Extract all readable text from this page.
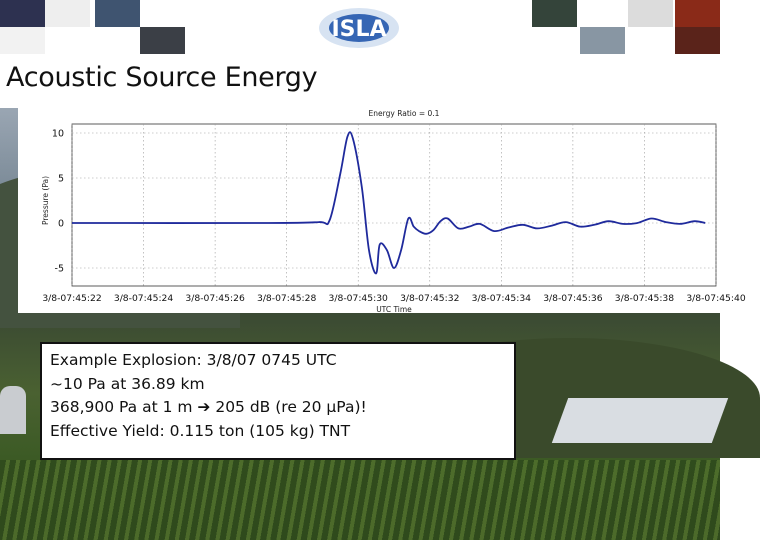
ISLA
Acoustic Source Energy
3/8-07:45:22 3/8-07:45:24 3/8-07:45:26 3/8-07:45:28 3/8-07:45:30 3/8-07:45:32 3/8-07:45:34 3/8-07:45:36 3/8-07:45:38 3/8-07:45:40
10
5
0
-5
Energy Ratio = 0.1
UTC Time
Pressure (Pa)
Example Explosion: 3/8/07 0745 UTC
~10 Pa at 36.89 km
368,900 Pa at 1 m ➔ 205 dB (re 20 µPa)!
Effective Yield: 0.115 ton (105 kg) TNT
